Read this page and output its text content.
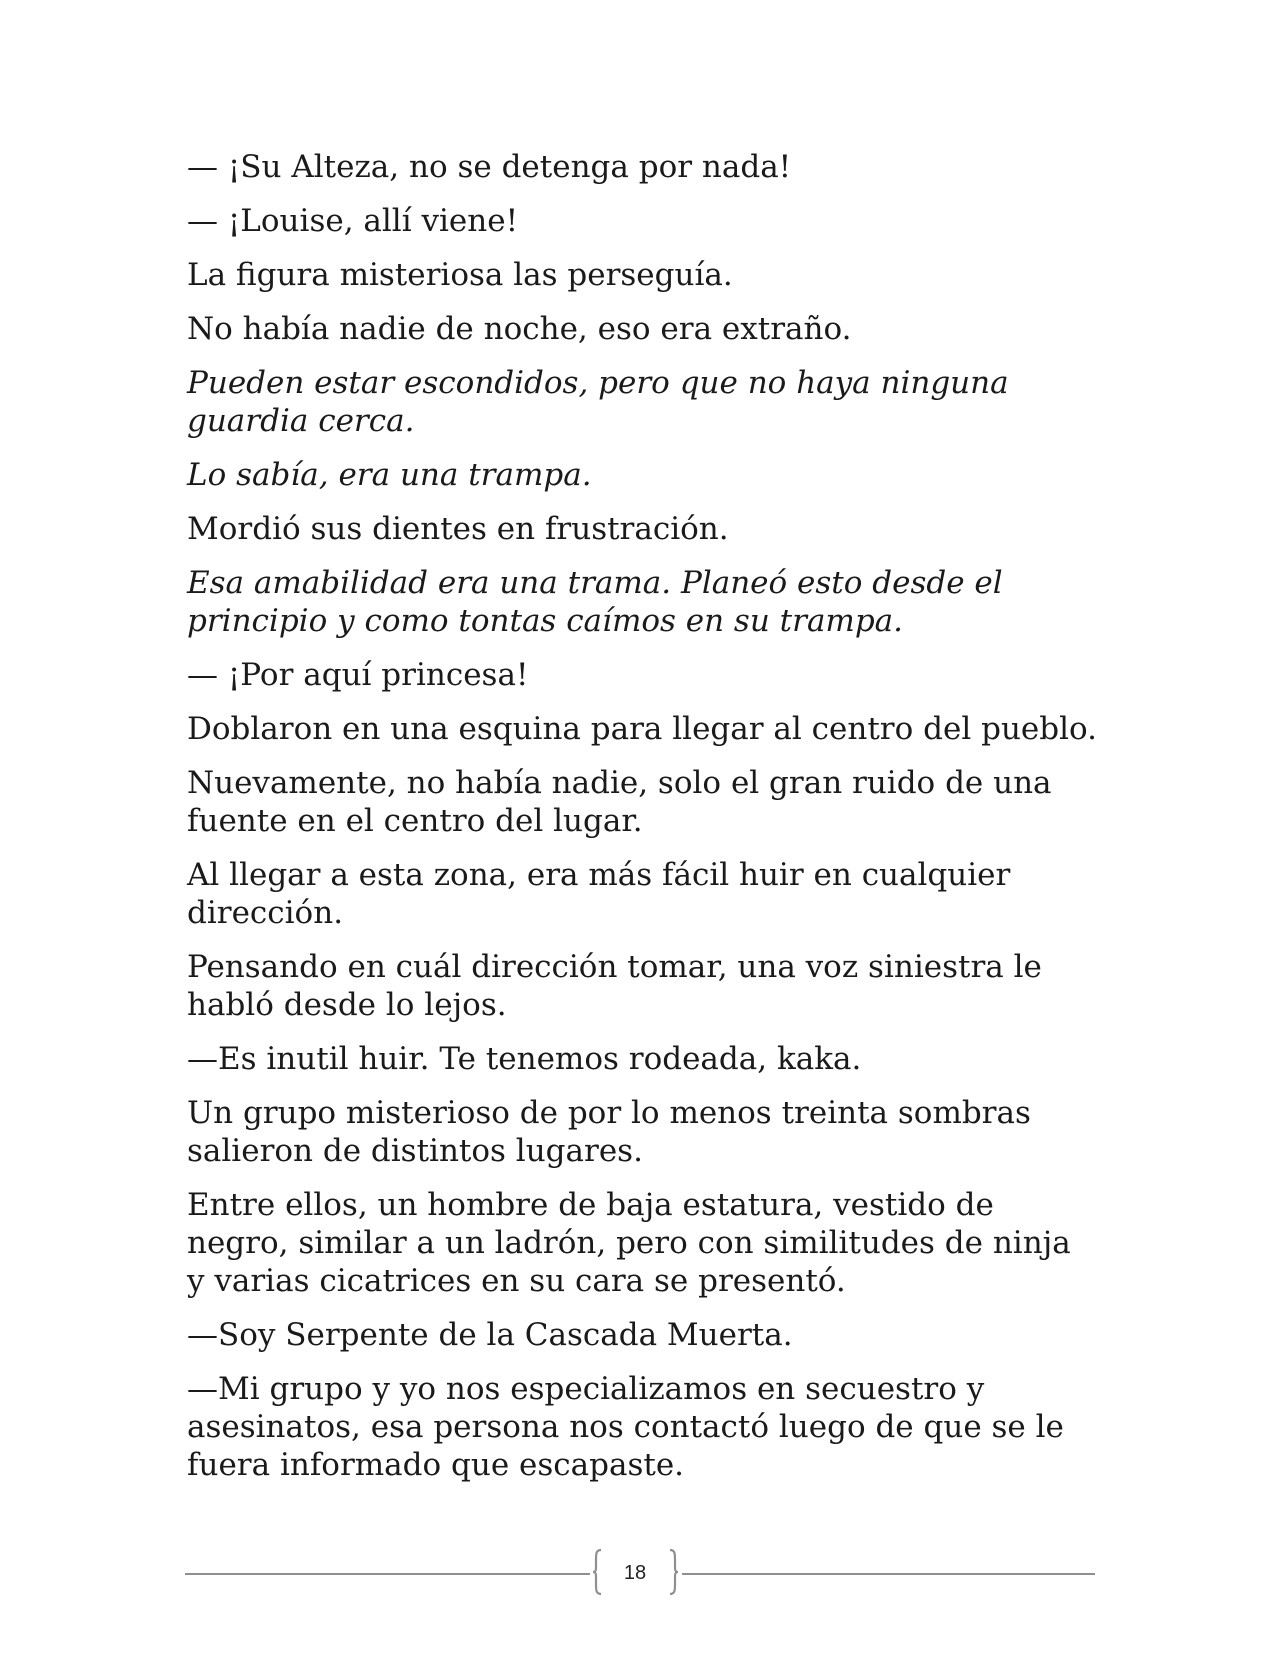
— ¡Su Alteza, no se detenga por nada!

— ¡Louise, allí viene!

La figura misteriosa las perseguía.

No había nadie de noche, eso era extraño.

Pueden estar escondidos, pero que no haya ninguna guardia cerca.

Lo sabía, era una trampa.

Mordió sus dientes en frustración.

Esa amabilidad era una trama. Planeó esto desde el principio y como tontas caímos en su trampa.

— ¡Por aquí princesa!

Doblaron en una esquina para llegar al centro del pueblo.

Nuevamente, no había nadie, solo el gran ruido de una fuente en el centro del lugar.

Al llegar a esta zona, era más fácil huir en cualquier dirección.

Pensando en cuál dirección tomar, una voz siniestra le habló desde lo lejos.

—Es inutil huir. Te tenemos rodeada, kaka.

Un grupo misterioso de por lo menos treinta sombras salieron de distintos lugares.

Entre ellos, un hombre de baja estatura, vestido de negro, similar a un ladrón, pero con similitudes de ninja y varias cicatrices en su cara se presentó.

—Soy Serpente de la Cascada Muerta.

—Mi grupo y yo nos especializamos en secuestro y asesinatos, esa persona nos contactó luego de que se le fuera informado que escapaste.

18
